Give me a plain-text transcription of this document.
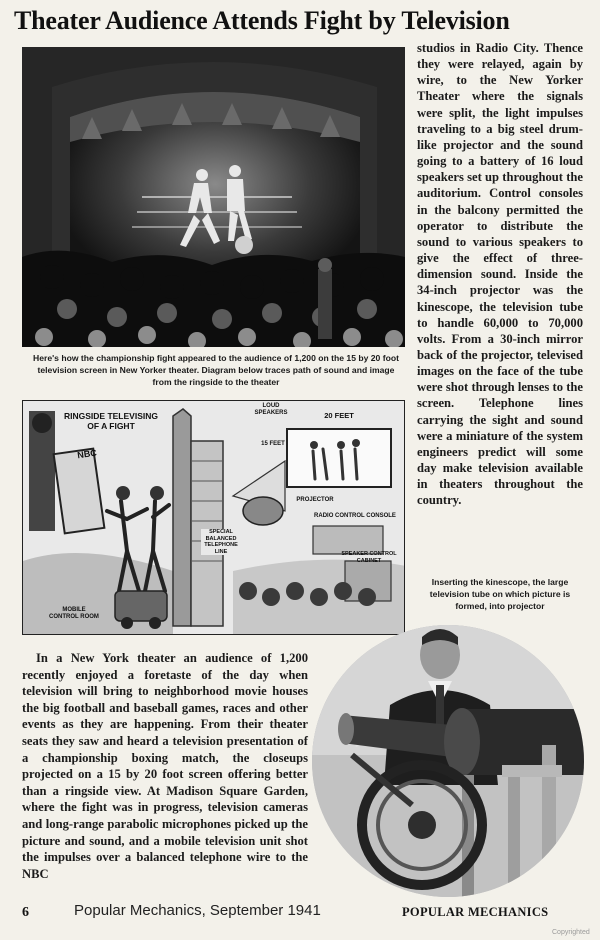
Theater Audience Attends Fight by Television
Here's how the championship fight appeared to the audience of 1,200 on the 15 by 20 foot television screen in New Yorker theater. Diagram below traces path of sound and image from the ringside to the theater
RINGSIDE TELEVISING OF A FIGHT
NBC
LOUD SPEAKERS	20 FEET
15 FEET
PROJECTOR
RADIO CONTROL CONSOLE
SPECIAL BALANCED TELEPHONE LINE	SPEAKER CONTROL CABINET
MOBILE CONTROL ROOM
studios in Radio City. Thence they were relayed, again by wire, to the New Yorker Theater where the signals were split, the light impulses traveling to a big steel drum-like projector and the sound going to a battery of 16 loud speakers set up throughout the auditorium. Control consoles in the balcony permitted the operator to distribute the sound to various speakers to give the effect of three-dimension sound. Inside the 34-inch projector was the kinescope, the television tube to handle 60,000 to 70,000 volts. From a 30-inch mirror back of the projector, televised images on the face of the tube were shot through lenses to the screen. Telephone lines carrying the sight and sound were a miniature of the system engineers predict will some day make television available in theaters throughout the country.
Inserting the kinescope, the large television tube on which picture is formed, into projector
In a New York theater an audience of 1,200 recently enjoyed a foretaste of the day when television will bring to neighborhood movie houses the big football and baseball games, races and other events as they are happening. From their theater seats they saw and heard a television presentation of a championship boxing match, the closeups projected on a 15 by 20 foot screen offering better than a ringside view. At Madison Square Garden, where the fight was in progress, television cameras and long-range parabolic microphones picked up the picture and sound, and a mobile television unit shot the impulses over a balanced telephone wire to the NBC
6	Popular Mechanics, September 1941	POPULAR MECHANICS
Copyrighted
